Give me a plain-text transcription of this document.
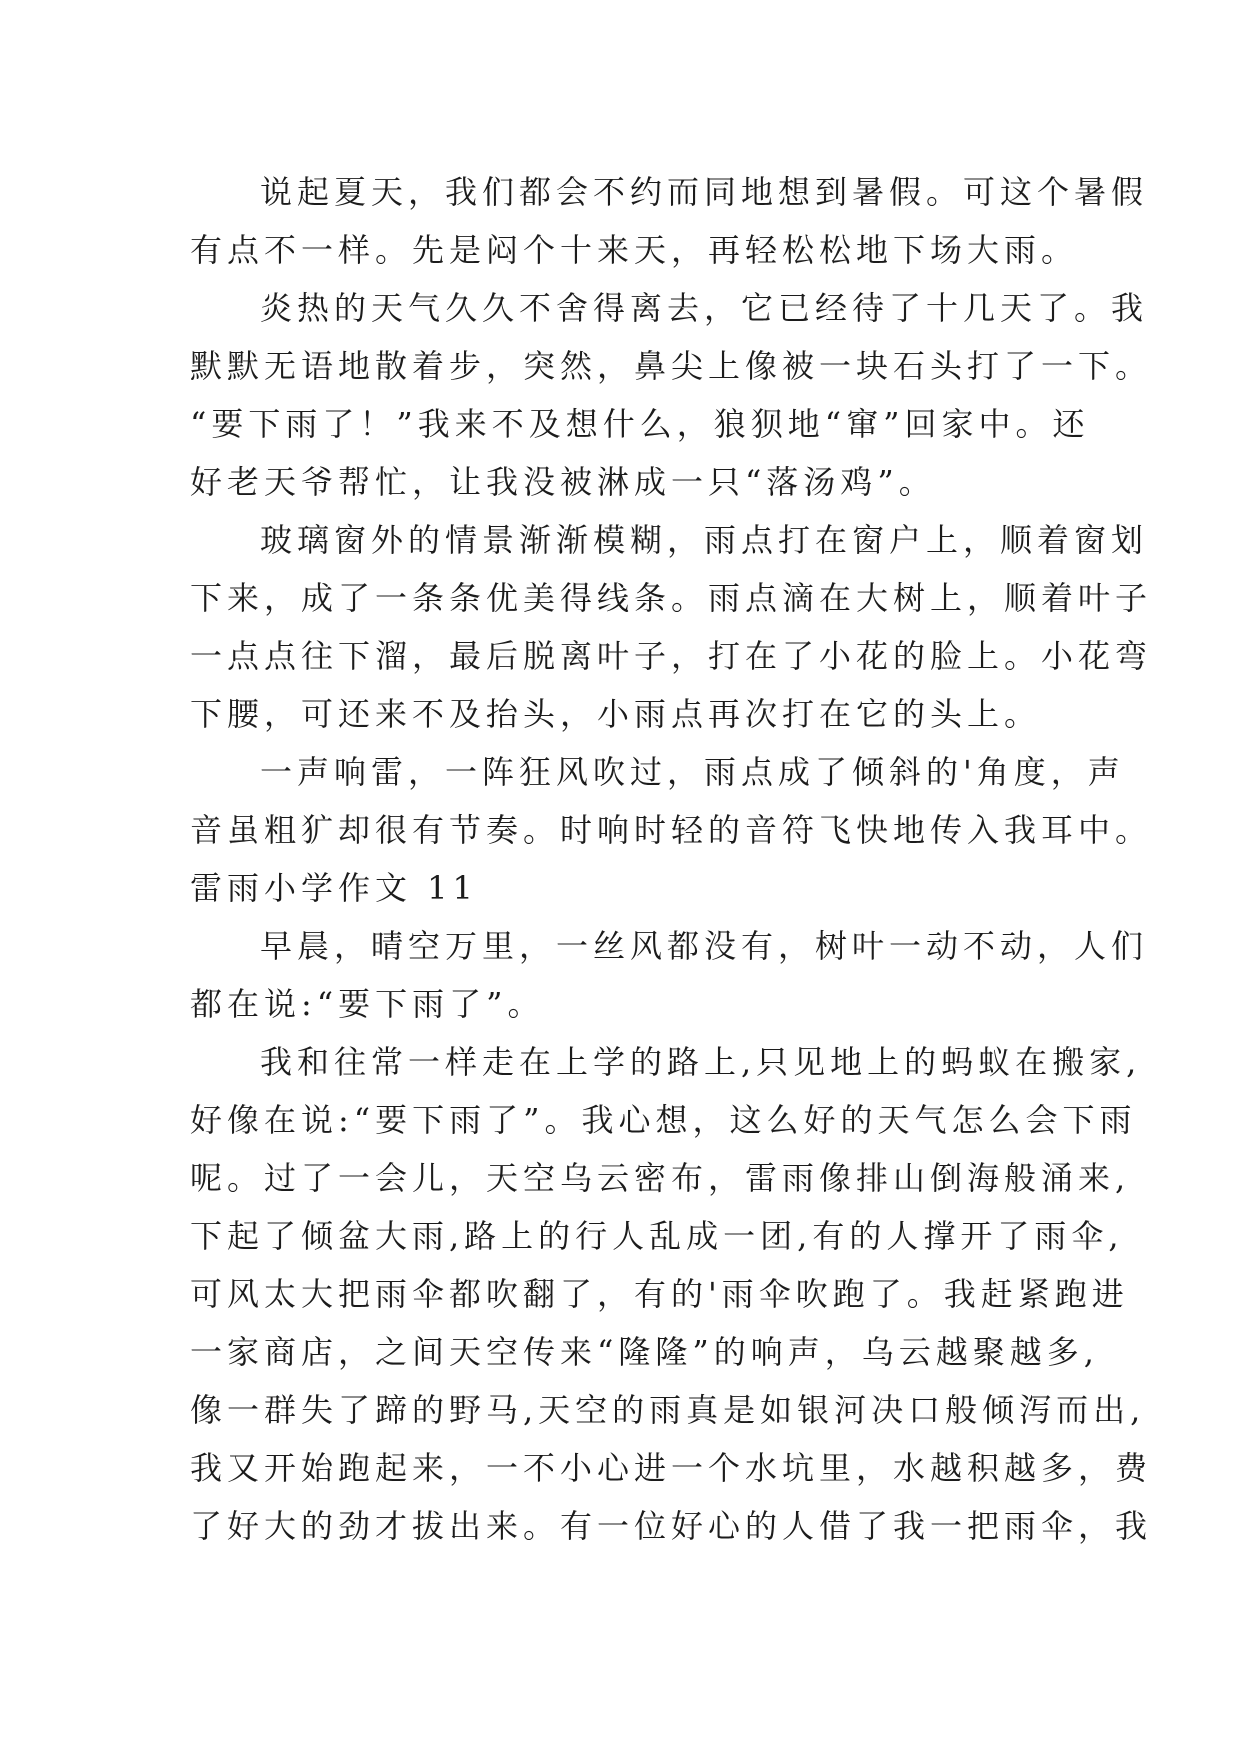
说起夏天，我们都会不约而同地想到暑假。可这个暑假
有点不一样。先是闷个十来天，再轻松松地下场大雨。
炎热的天气久久不舍得离去，它已经待了十几天了。我
默默无语地散着步，突然，鼻尖上像被一块石头打了一下。
“要下雨了！”我来不及想什么，狼狈地“窜”回家中。还
好老天爷帮忙，让我没被淋成一只“落汤鸡”。
玻璃窗外的情景渐渐模糊，雨点打在窗户上，顺着窗划
下来，成了一条条优美得线条。雨点滴在大树上，顺着叶子
一点点往下溜，最后脱离叶子，打在了小花的脸上。小花弯
下腰，可还来不及抬头，小雨点再次打在它的头上。
一声响雷，一阵狂风吹过，雨点成了倾斜的'角度，声
音虽粗犷却很有节奏。时响时轻的音符飞快地传入我耳中。
雷雨小学作文 11
早晨，晴空万里，一丝风都没有，树叶一动不动，人们
都在说:“要下雨了”。
我和往常一样走在上学的路上,只见地上的蚂蚁在搬家,
好像在说:“要下雨了”。我心想，这么好的天气怎么会下雨
呢。过了一会儿，天空乌云密布，雷雨像排山倒海般涌来,
下起了倾盆大雨,路上的行人乱成一团,有的人撑开了雨伞,
可风太大把雨伞都吹翻了，有的'雨伞吹跑了。我赶紧跑进
一家商店，之间天空传来“隆隆”的响声，乌云越聚越多,
像一群失了蹄的野马,天空的雨真是如银河决口般倾泻而出,
我又开始跑起来，一不小心进一个水坑里，水越积越多，费
了好大的劲才拔出来。有一位好心的人借了我一把雨伞，我
